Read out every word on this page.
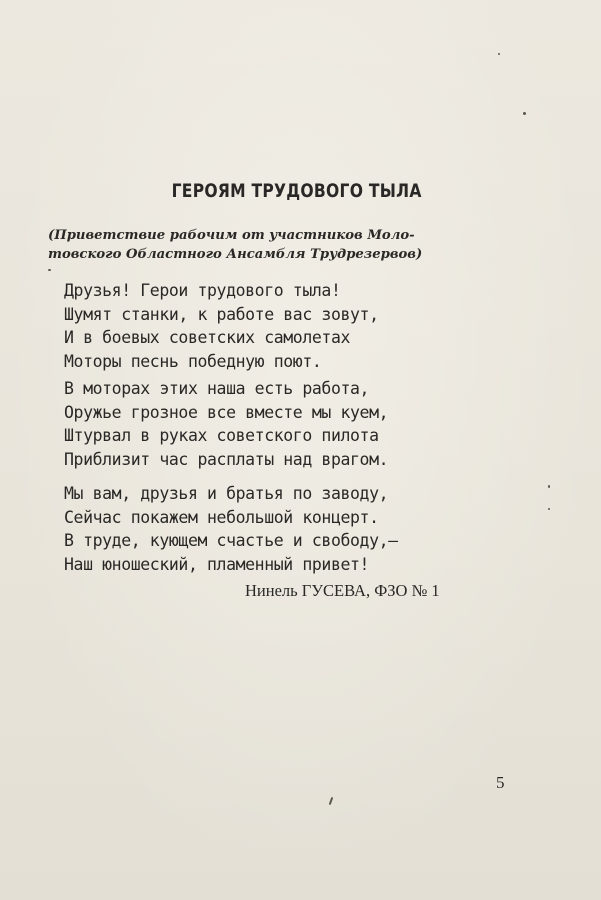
ГЕРОЯМ ТРУДОВОГО ТЫЛА
(Приветствие рабочим от участников Моло-
товского Областного Ансамбля Трудрезервов)
Друзья! Герои трудового тыла!
Шумят станки, к работе вас зовут,
И в боевых советских самолетах
Моторы песнь победную поют.
В моторах этих наша есть работа,
Оружье грозное все вместе мы куем,
Штурвал в руках советского пилота
Приблизит час расплаты над врагом.
Мы вам, друзья и братья по заводу,
Сейчас покажем небольшой концерт.
В труде, кующем счастье и свободу,—
Наш юношеский, пламенный привет!
Нинель ГУСЕВА, ФЗО № 1
5
